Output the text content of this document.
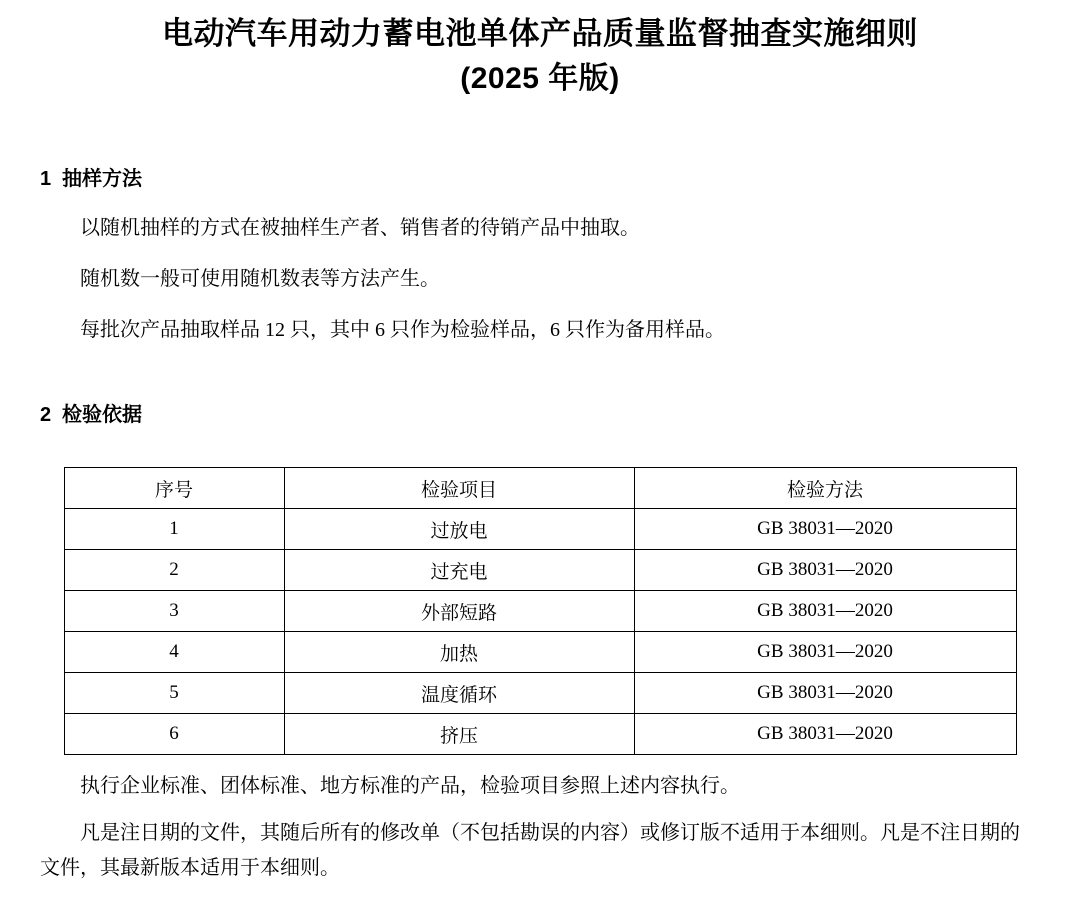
电动汽车用动力蓄电池单体产品质量监督抽查实施细则
(2025 年版)
1 抽样方法

以随机抽样的方式在被抽样生产者、销售者的待销产品中抽取。

随机数一般可使用随机数表等方法产生。

每批次产品抽取样品 12 只，其中 6 只作为检验样品，6 只作为备用样品。

2 检验依据
序号	检验项目	检验方法
1	过放电	GB 38031—2020
2	过充电	GB 38031—2020
3	外部短路	GB 38031—2020
4	加热	GB 38031—2020
5	温度循环	GB 38031—2020
6	挤压	GB 38031—2020

执行企业标准、团体标准、地方标准的产品，检验项目参照上述内容执行。

凡是注日期的文件，其随后所有的修改单（不包括勘误的内容）或修订版不适用于本细则。凡是不注日期的文件，其最新版本适用于本细则。
